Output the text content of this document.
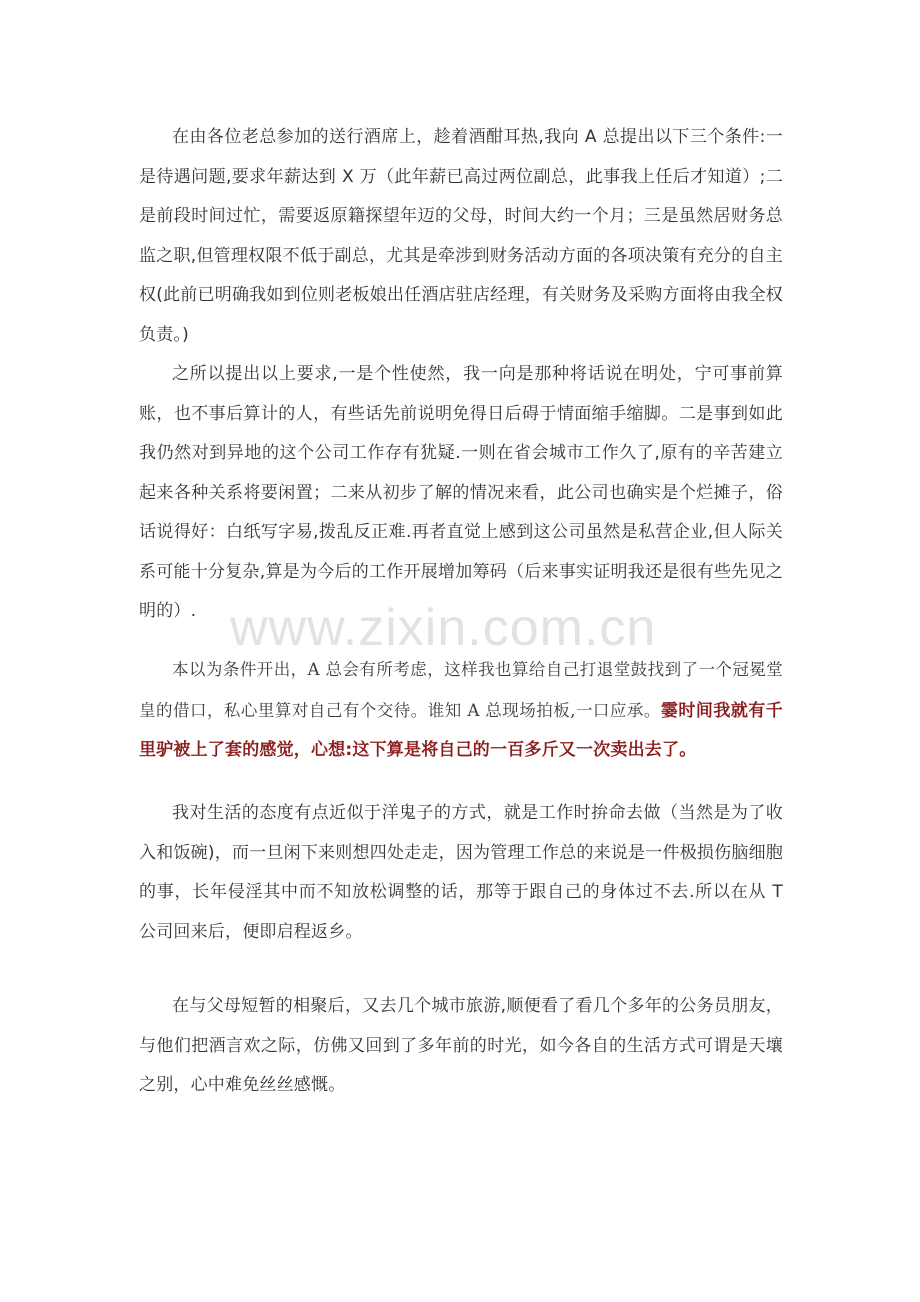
在由各位老总参加的送行酒席上，趁着酒酣耳热,我向 A 总提出以下三个条件:一是待遇问题,要求年薪达到 X 万（此年薪已高过两位副总，此事我上任后才知道）;二是前段时间过忙，需要返原籍探望年迈的父母，时间大约一个月；三是虽然居财务总监之职,但管理权限不低于副总，尤其是牵涉到财务活动方面的各项决策有充分的自主权(此前已明确我如到位则老板娘出任酒店驻店经理，有关财务及采购方面将由我全权负责。)

之所以提出以上要求,一是个性使然，我一向是那种将话说在明处，宁可事前算账，也不事后算计的人，有些话先前说明免得日后碍于情面缩手缩脚。二是事到如此我仍然对到异地的这个公司工作存有犹疑.一则在省会城市工作久了,原有的辛苦建立起来各种关系将要闲置；二来从初步了解的情况来看，此公司也确实是个烂摊子，俗话说得好：白纸写字易,拨乱反正难.再者直觉上感到这公司虽然是私营企业,但人际关系可能十分复杂,算是为今后的工作开展增加筹码（后来事实证明我还是很有些先见之明的）.

本以为条件开出，A 总会有所考虑，这样我也算给自己打退堂鼓找到了一个冠冕堂皇的借口，私心里算对自己有个交待。谁知 A 总现场拍板,一口应承。霎时间我就有千里驴被上了套的感觉，心想:这下算是将自己的一百多斤又一次卖出去了。

我对生活的态度有点近似于洋鬼子的方式，就是工作时拚命去做（当然是为了收入和饭碗)，而一旦闲下来则想四处走走，因为管理工作总的来说是一件极损伤脑细胞的事，长年侵淫其中而不知放松调整的话，那等于跟自己的身体过不去.所以在从 T 公司回来后，便即启程返乡。

在与父母短暂的相聚后，又去几个城市旅游,顺便看了看几个多年的公务员朋友，与他们把酒言欢之际，仿佛又回到了多年前的时光，如今各自的生活方式可谓是天壤之别，心中难免丝丝感慨。

www.zixin.com.cn
